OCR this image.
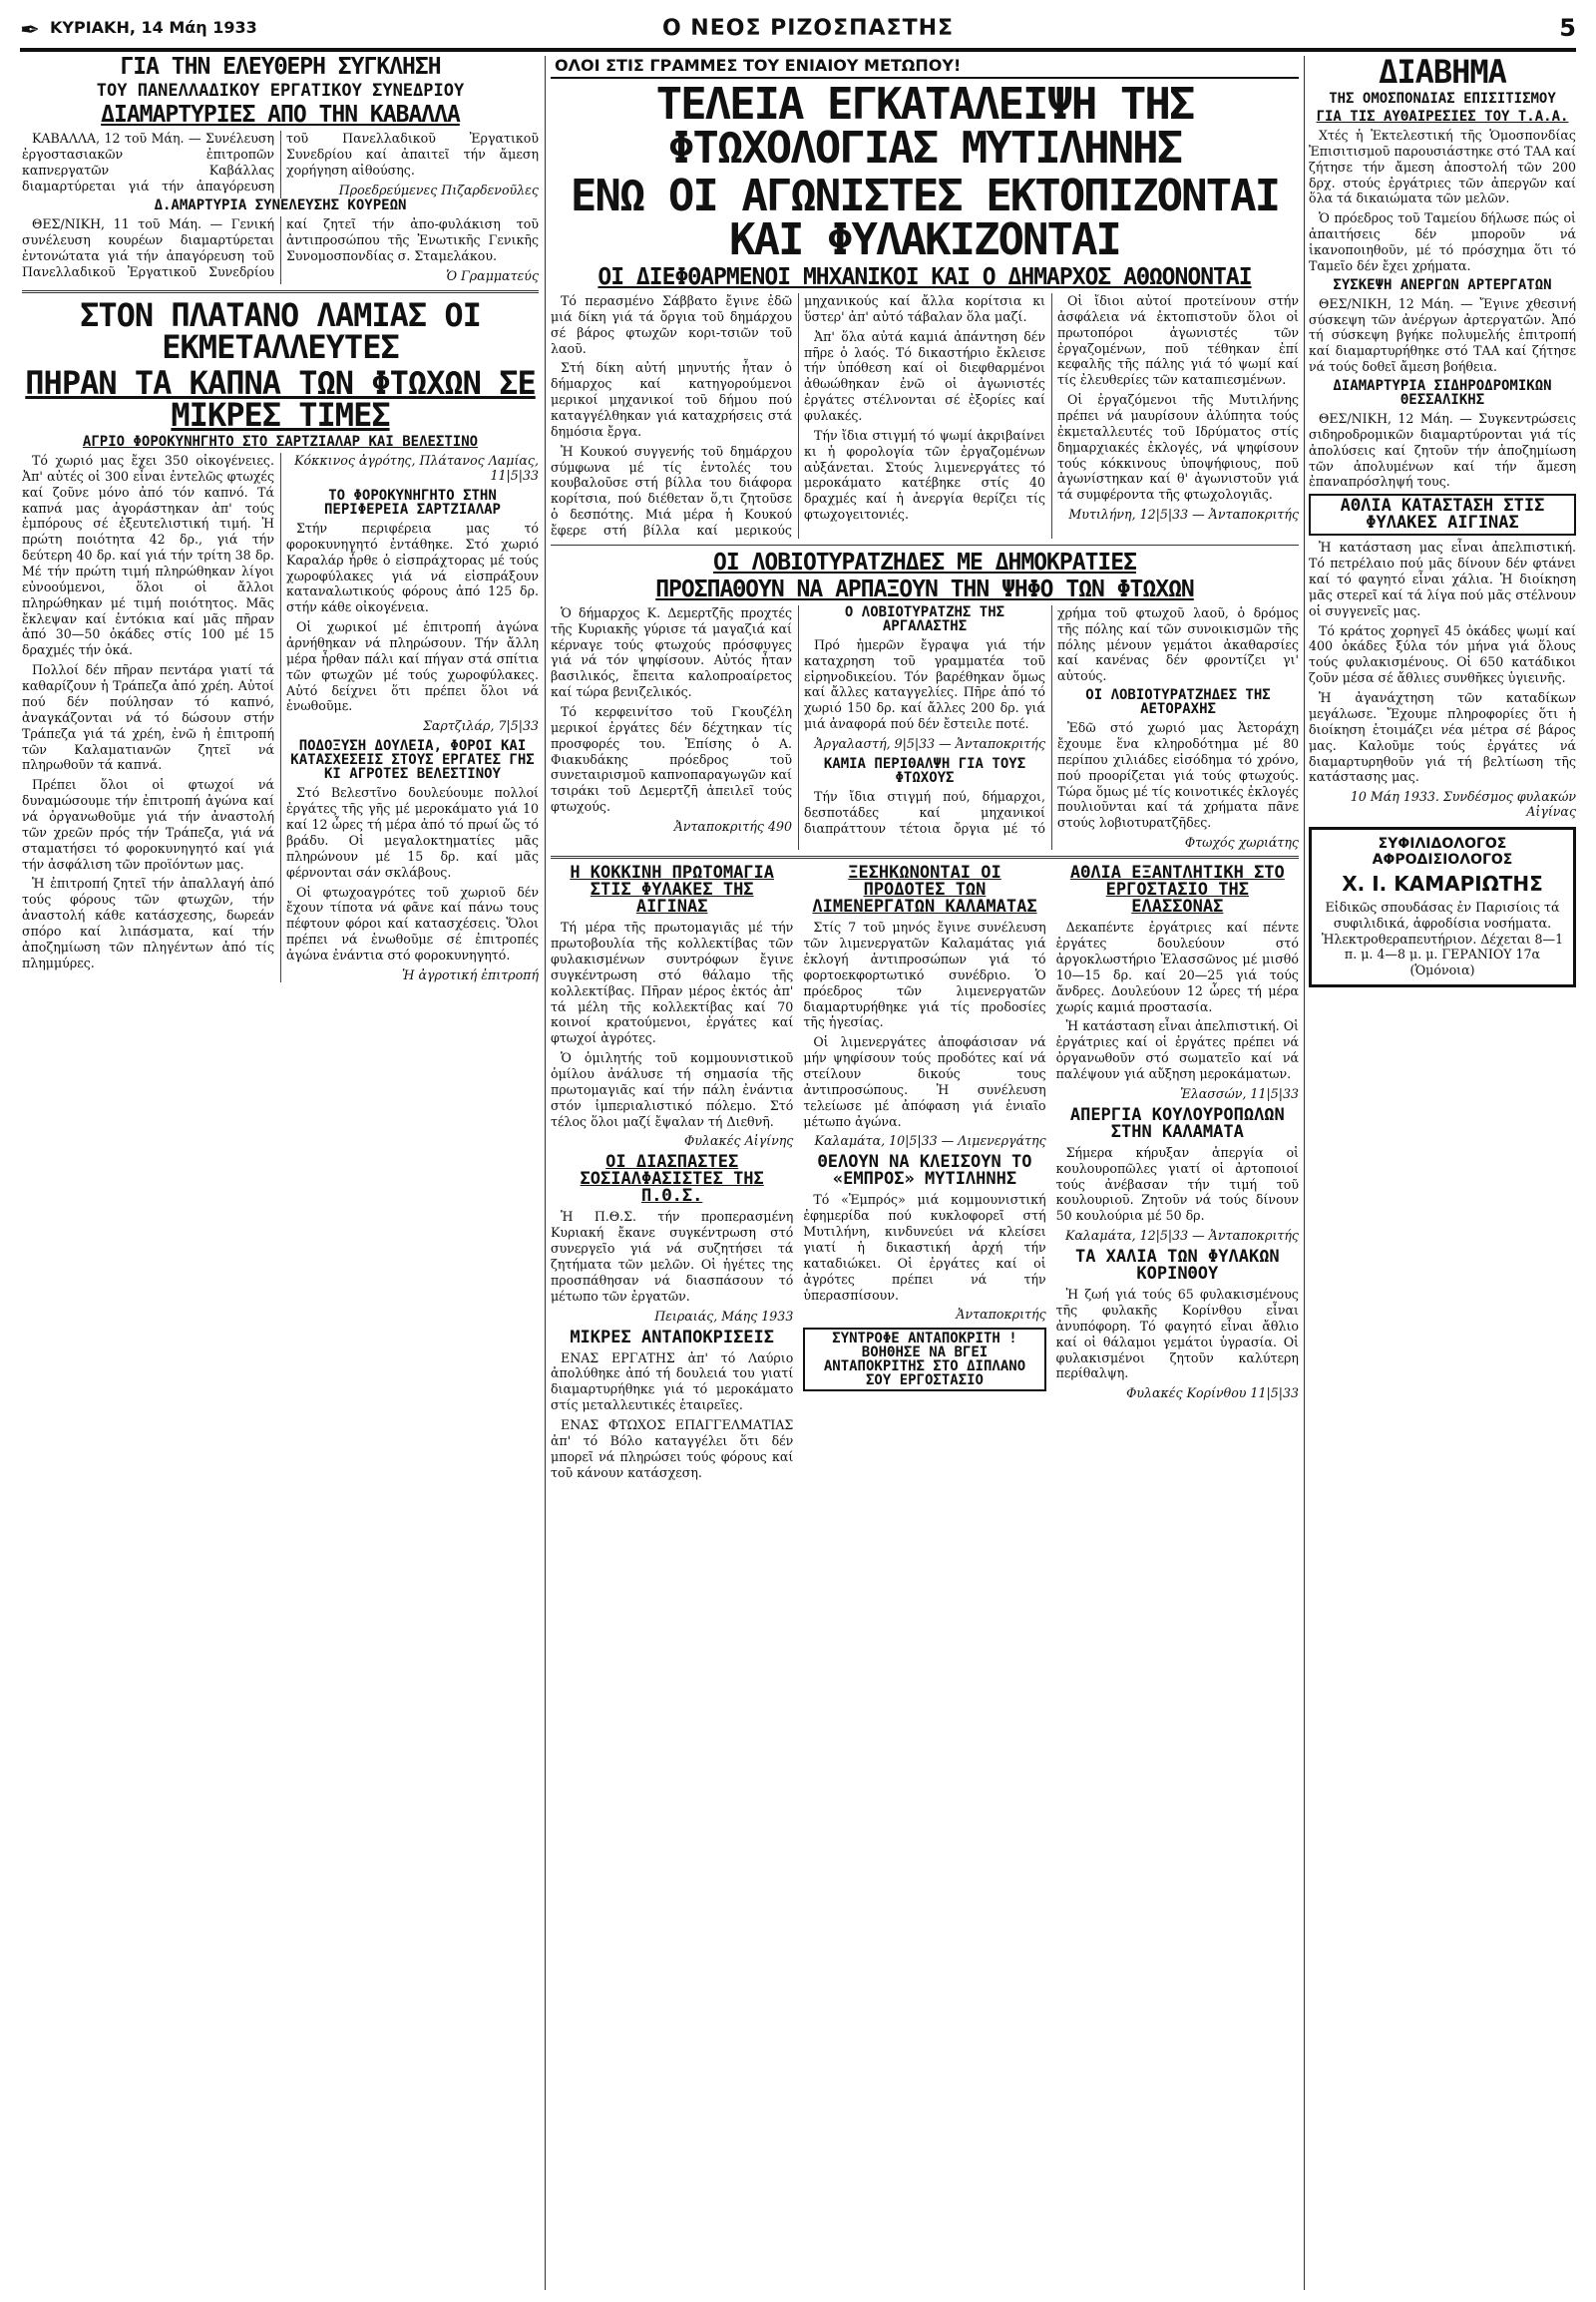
✒ ΚΥΡΙΑΚΗ, 14 Μάη 1933	Ο ΝΕΟΣ ΡΙΖΟΣΠΑΣΤΗΣ	5
ΓΙΑ ΤΗΝ ΕΛΕΥΘΕΡΗ ΣΥΓΚΛΗΣΗ
ΤΟΥ ΠΑΝΕΛΛΑΔΙΚΟΥ ΕΡΓΑΤΙΚΟΥ ΣΥΝΕΔΡΙΟΥ
ΔΙΑΜΑΡΤΥΡΙΕΣ ΑΠΟ ΤΗΝ ΚΑΒΑΛΛΑ

ΚΑΒΑΛΛΑ, 12 τοῦ Μάη. — Συνέλευση ἐργοστασιακῶν ἐπιτροπῶν καπνεργατῶν Καβάλλας διαμαρτύρεται γιά τήν ἀπαγόρευση τοῦ Πανελλαδικοῦ Ἐργατικοῦ Συνεδρίου καί ἀπαιτεῖ τήν ἄμεση χορήγηση αἰθούσης.

Προεδρεύμενες Πιζαρδενοῦλες

Δ.ΑΜΑΡΤΥΡΙΑ ΣΥΝΕΛΕΥΣΗΣ ΚΟΥΡΕΩΝ

ΘΕΣ/ΝΙΚΗ, 11 τοῦ Μάη. — Γενική συνέλευση κουρέων διαμαρτύρεται ἐντονώτατα γιά τήν ἀπαγόρευση τοῦ Πανελλαδικοῦ Ἐργατικοῦ Συνεδρίου καί ζητεῖ τήν ἀπο-φυλάκιση τοῦ ἀντιπροσώπου τῆς Ἐνωτικῆς Γενικῆς Συνομοσπονδίας σ. Σταμελάκου.

Ὁ Γραμματεύς

ΣΤΟΝ ΠΛΑΤΑΝΟ ΛΑΜΙΑΣ ΟΙ ΕΚΜΕΤΑΛΛΕΥΤΕΣ
ΠΗΡΑΝ ΤΑ ΚΑΠΝΑ ΤΩΝ ΦΤΩΧΩΝ ΣΕ ΜΙΚΡΕΣ ΤΙΜΕΣ
ΑΓΡΙΟ ΦΟΡΟΚΥΝΗΓΗΤΟ ΣΤΟ ΣΑΡΤΖΙΑΛΑΡ ΚΑΙ ΒΕΛΕΣΤΙΝΟ

Τό χωριό μας ἔχει 350 οἰκογένειες. Ἀπ' αὐτές οἱ 300 εἶναι ἐντελῶς φτωχές καί ζοῦνε μόνο ἀπό τόν καπνό. Τά καπνά μας ἀγοράστηκαν ἀπ' τούς ἐμπόρους σέ ἐξευτελιστική τιμή. Ἡ πρώτη ποιότητα 42 δρ., γιά τήν δεύτερη 40 δρ. καί γιά τήν τρίτη 38 δρ. Μέ τήν πρώτη τιμή πληρώθηκαν λίγοι εὐνοούμενοι, ὅλοι οἱ ἄλλοι πληρώθηκαν μέ τιμή ποιότητος. Μᾶς ἔκλεψαν καί ἐντόκια καί μᾶς πῆραν ἀπό 30—50 ὀκάδες στίς 100 μέ 15 δραχμές τήν ὀκά.

Πολλοί δέν πῆραν πεντάρα γιατί τά καθαρίζουν ἡ Τράπεζα ἀπό χρέη. Αὐτοί πού δέν πούλησαν τό καπνό, ἀναγκάζονται νά τό δώσουν στήν Τράπεζα γιά τά χρέη, ἐνῶ ἡ ἐπιτροπή τῶν Καλαματιανῶν ζητεῖ νά πληρωθοῦν τά καπνά.

Πρέπει ὅλοι οἱ φτωχοί νά δυναμώσουμε τήν ἐπιτροπή ἀγώνα καί νά ὀργανωθοῦμε γιά τήν ἀναστολή τῶν χρεῶν πρός τήν Τράπεζα, γιά νά σταματήσει τό φοροκυνηγητό καί γιά τήν ἀσφάλιση τῶν προϊόντων μας.

Ἡ ἐπιτροπή ζητεῖ τήν ἀπαλλαγή ἀπό τούς φόρους τῶν φτωχῶν, τήν ἀναστολή κάθε κατάσχεσης, δωρεάν σπόρο καί λιπάσματα, καί τήν ἀποζημίωση τῶν πληγέντων ἀπό τίς πλημμύρες.

Κόκκινος ἀγρότης, Πλάτανος Λαμίας, 11|5|33

ΤΟ ΦΟΡΟΚΥΝΗΓΗΤΟ ΣΤΗΝ ΠΕΡΙΦΕΡΕΙΑ ΣΑΡΤΖΙΑΛΑΡ

Στήν περιφέρεια μας τό φοροκυνηγητό ἐντάθηκε. Στό χωριό Καραλάρ ἦρθε ὁ εἰσπράχτορας μέ τούς χωροφύλακες γιά νά εἰσπράξουν καταναλωτικούς φόρους ἀπό 125 δρ. στήν κάθε οἰκογένεια.

Οἱ χωρικοί μέ ἐπιτροπή ἀγώνα ἀρνήθηκαν νά πληρώσουν. Τήν ἄλλη μέρα ἦρθαν πάλι καί πήγαν στά σπίτια τῶν φτωχῶν μέ τούς χωροφύλακες. Αὐτό δείχνει ὅτι πρέπει ὅλοι νά ἑνωθοῦμε.

Σαρτζιλάρ, 7|5|33

ΠΟΔΟΞΥΣΗ ΔΟΥΛΕΙΑ, ΦΟΡΟΙ ΚΑΙ ΚΑΤΑΣΧΕΣΕΙΣ ΣΤΟΥΣ ΕΡΓΑΤΕΣ ΓΗΣ ΚΙ ΑΓΡΟΤΕΣ ΒΕΛΕΣΤΙΝΟΥ

Στό Βελεστῖνο δουλεύουμε πολλοί ἐργάτες τῆς γῆς μέ μεροκάματο γιά 10 καί 12 ὧρες τή μέρα ἀπό τό πρωί ὥς τό βράδυ. Οἱ μεγαλοκτηματίες μᾶς πληρώνουν μέ 15 δρ. καί μᾶς φέρνονται σάν σκλάβους.

Οἱ φτωχοαγρότες τοῦ χωριοῦ δέν ἔχουν τίποτα νά φᾶνε καί πάνω τους πέφτουν φόροι καί κατασχέσεις. Ὅλοι πρέπει νά ἑνωθοῦμε σέ ἐπιτροπές ἀγώνα ἐνάντια στό φοροκυνηγητό.

Ἡ ἀγροτική ἐπιτροπή

ΟΛΟΙ ΣΤΙΣ ΓΡΑΜΜΕΣ ΤΟΥ ΕΝΙΑΙΟΥ ΜΕΤΩΠΟΥ!
ΤΕΛΕΙΑ ΕΓΚΑΤΑΛΕΙΨΗ ΤΗΣ ΦΤΩΧΟΛΟΓΙΑΣ ΜΥΤΙΛΗΝΗΣ
ΕΝΩ ΟΙ ΑΓΩΝΙΣΤΕΣ ΕΚΤΟΠΙΖΟΝΤΑΙ ΚΑΙ ΦΥΛΑΚΙΖΟΝΤΑΙ
ΟΙ ΔΙΕΦΘΑΡΜΕΝΟΙ ΜΗΧΑΝΙΚΟΙ ΚΑΙ Ο ΔΗΜΑΡΧΟΣ ΑΘΩΟΝΟΝΤΑΙ

Τό περασμένο Σάββατο ἔγινε ἐδῶ μιά δίκη γιά τά ὄργια τοῦ δημάρχου σέ βάρος φτωχῶν κορι-τσιῶν τοῦ λαοῦ.

Στή δίκη αὐτή μηνυτής ἦταν ὁ δήμαρχος καί κατηγορούμενοι μερικοί μηχανικοί τοῦ δήμου πού καταγγέλθηκαν γιά καταχρήσεις στά δημόσια ἔργα.

Ἡ Κουκού συγγενής τοῦ δημάρχου σύμφωνα μέ τίς ἐντολές του κουβαλοῦσε στή βίλλα του διάφορα κορίτσια, πού διέθεταν ὅ,τι ζητοῦσε ὁ δεσπότης. Μιά μέρα ἡ Κουκού ἔφερε στή βίλλα καί μερικούς μηχανικούς καί ἄλλα κορίτσια κι ὕστερ' ἀπ' αὐτό τάβαλαν ὅλα μαζί.

Ἀπ' ὅλα αὐτά καμιά ἀπάντηση δέν πῆρε ὁ λαός. Τό δικαστήριο ἔκλεισε τήν ὑπόθεση καί οἱ διεφθαρμένοι ἀθωώθηκαν ἐνῶ οἱ ἀγωνιστές ἐργάτες στέλνονται σέ ἐξορίες καί φυλακές.

Τήν ἴδια στιγμή τό ψωμί ἀκριβαίνει κι ἡ φορολογία τῶν ἐργαζομένων αὐξάνεται. Στούς λιμενεργάτες τό μεροκάματο κατέβηκε στίς 40 δραχμές καί ἡ ἀνεργία θερίζει τίς φτωχογειτονιές.

Οἱ ἴδιοι αὐτοί προτείνουν στήν ἀσφάλεια νά ἐκτοπιστοῦν ὅλοι οἱ πρωτοπόροι ἀγωνιστές τῶν ἐργαζομένων, ποῦ τέθηκαν ἐπί κεφαλῆς τῆς πάλης γιά τό ψωμί καί τίς ἐλευθερίες τῶν καταπιεσμένων.

Οἱ ἐργαζόμενοι τῆς Μυτιλήνης πρέπει νά μαυρίσουν ἀλύπητα τούς ἐκμεταλλευτές τοῦ Ιδρύματος στίς δημαρχιακές ἐκλογές, νά ψηφίσουν τούς κόκκινους ὑποψήφιους, ποῦ ἀγωνίστηκαν καί θ' ἀγωνιστοῦν γιά τά συμφέροντα τῆς φτωχολογιᾶς.

Μυτιλήνη, 12|5|33 — Ἀνταποκριτής

ΟΙ ΛΟΒΙΟΤΥΡΑΤΖΗΔΕΣ ΜΕ ΔΗΜΟΚΡΑΤΙΕΣ
ΠΡΟΣΠΑΘΟΥΝ ΝΑ ΑΡΠΑΞΟΥΝ ΤΗΝ ΨΗΦΟ ΤΩΝ ΦΤΩΧΩΝ

Ὁ δήμαρχος Κ. Δεμερτζῆς προχτές τῆς Κυριακῆς γύρισε τά μαγαζιά καί κέρναγε τούς φτωχούς πρόσφυγες γιά νά τόν ψηφίσουν. Αὐτός ἦταν βασιλικός, ἔπειτα καλοπροαίρετος καί τώρα βενιζελικός.

Τό κερφεινίτσο τοῦ Γκουζέλη μερικοί ἐργάτες δέν δέχτηκαν τίς προσφορές του. Ἐπίσης ὁ Α. Φιακυδάκης πρόεδρος τοῦ συνεταιρισμοῦ καπνοπαραγωγῶν καί τσιράκι τοῦ Δεμερτζῆ ἀπειλεῖ τούς φτωχούς.

Ἀνταποκριτής 490

Ο ΛΟΒΙΟΤΥΡΑΤΖΗΣ ΤΗΣ ΑΡΓΑΛΑΣΤΗΣ

Πρό ἡμερῶν ἔγραψα γιά τήν καταχρηση τοῦ γραμματέα τοῦ εἰρηνοδικείου. Τόν βαρέθηκαν ὅμως καί ἄλλες καταγγελίες. Πῆρε ἀπό τό χωριό 150 δρ. καί ἄλλες 200 δρ. γιά μιά ἀναφορά πού δέν ἔστειλε ποτέ.

Ἀργαλαστή, 9|5|33 — Ἀνταποκριτής

ΚΑΜΙΑ ΠΕΡΙΘΑΛΨΗ ΓΙΑ ΤΟΥΣ ΦΤΩΧΟΥΣ

Τήν ἴδια στιγμή πού, δήμαρχοι, δεσποτάδες καί μηχανικοί διαπράττουν τέτοια ὄργια μέ τό χρήμα τοῦ φτωχοῦ λαοῦ, ὁ δρόμος τῆς πόλης καί τῶν συνοικισμῶν τῆς πόλης μένουν γεμάτοι ἀκαθαρσίες καί κανένας δέν φροντίζει γι' αὐτούς.

ΟΙ ΛΟΒΙΟΤΥΡΑΤΖΗΔΕΣ ΤΗΣ ΑΕΤΟΡΑΧΗΣ

Ἐδῶ στό χωριό μας Ἀετοράχη ἔχουμε ἕνα κληροδότημα μέ 80 περίπου χιλιάδες εἰσόδημα τό χρόνο, πού προορίζεται γιά τούς φτωχούς. Τώρα ὅμως μέ τίς κοινοτικές ἐκλογές πουλιοῦνται καί τά χρήματα πᾶνε στούς λοβιοτυρατζῆδες.

Φτωχός χωριάτης

Η ΚΟΚΚΙΝΗ ΠΡΩΤΟΜΑΓΙΑ ΣΤΙΣ ΦΥΛΑΚΕΣ ΤΗΣ ΑΙΓΙΝΑΣ

Τή μέρα τῆς πρωτομαγιᾶς μέ τήν πρωτοβουλία τῆς κολλεκτίβας τῶν φυλακισμένων συντρόφων ἔγινε συγκέντρωση στό θάλαμο τῆς κολλεκτίβας. Πῆραν μέρος ἐκτός ἀπ' τά μέλη τῆς κολλεκτίβας καί 70 κοινοί κρατούμενοι, ἐργάτες καί φτωχοί ἀγρότες.

Ὁ ὁμιλητής τοῦ κομμουνιστικοῦ ὀμίλου ἀνάλυσε τή σημασία τῆς πρωτομαγιᾶς καί τήν πάλη ἐνάντια στόν ἰμπεριαλιστικό πόλεμο. Στό τέλος ὅλοι μαζί ἔψαλαν τή Διεθνῆ.

Φυλακές Αἰγίνης

ΟΙ ΔΙΑΣΠΑΣΤΕΣ ΣΟΣΙΑΛΦΑΣΙΣΤΕΣ ΤΗΣ Π.Θ.Σ.

Ἡ Π.Θ.Σ. τήν προπερασμένη Κυριακή ἔκανε συγκέντρωση στό συνεργεῖο γιά νά συζητήσει τά ζητήματα τῶν μελῶν. Οἱ ἡγέτες της προσπάθησαν νά διασπάσουν τό μέτωπο τῶν ἐργατῶν.

Πειραιάς, Μάης 1933

ΜΙΚΡΕΣ ΑΝΤΑΠΟΚΡΙΣΕΙΣ

ΕΝΑΣ ΕΡΓΑΤΗΣ ἀπ' τό Λαύριο ἀπολύθηκε ἀπό τή δουλειά του γιατί διαμαρτυρήθηκε γιά τό μεροκάματο στίς μεταλλευτικές ἑταιρεῖες.

ΕΝΑΣ ΦΤΩΧΟΣ ΕΠΑΓΓΕΛΜΑΤΙΑΣ ἀπ' τό Βόλο καταγγέλει ὅτι δέν μπορεῖ νά πληρώσει τούς φόρους καί τοῦ κάνουν κατάσχεση.

ΞΕΣΗΚΩΝΟΝΤΑΙ ΟΙ ΠΡΟΔΟΤΕΣ ΤΩΝ ΛΙΜΕΝΕΡΓΑΤΩΝ ΚΑΛΑΜΑΤΑΣ

Στίς 7 τοῦ μηνός ἔγινε συνέλευση τῶν λιμενεργατῶν Καλαμάτας γιά ἐκλογή ἀντιπροσώπων γιά τό φορτοεκφορτωτικό συνέδριο. Ὁ πρόεδρος τῶν λιμενεργατῶν διαμαρτυρήθηκε γιά τίς προδοσίες τῆς ἡγεσίας.

Οἱ λιμενεργάτες ἀποφάσισαν νά μήν ψηφίσουν τούς προδότες καί νά στείλουν δικούς τους ἀντιπροσώπους. Ἡ συνέλευση τελείωσε μέ ἀπόφαση γιά ἑνιαῖο μέτωπο ἀγώνα.

Καλαμάτα, 10|5|33 — Λιμενεργάτης

ΘΕΛΟΥΝ ΝΑ ΚΛΕΙΣΟΥΝ ΤΟ «ΕΜΠΡΟΣ» ΜΥΤΙΛΗΝΗΣ

Τό «Ἐμπρός» μιά κομμουνιστική ἐφημερίδα πού κυκλοφορεῖ στή Μυτιλήνη, κινδυνεύει νά κλείσει γιατί ἡ δικαστική ἀρχή τήν καταδιώκει. Οἱ ἐργάτες καί οἱ ἀγρότες πρέπει νά τήν ὑπερασπίσουν.

Ἀνταποκριτής

ΣΥΝΤΡΟΦΕ ΑΝΤΑΠΟΚΡΙΤΗ ! ΒΟΗΘΗΣΕ ΝΑ ΒΓΕΙ ΑΝΤΑΠΟΚΡΙΤΗΣ ΣΤΟ ΔΙΠΛΑΝΟ ΣΟΥ ΕΡΓΟΣΤΑΣΙΟ
ΑΘΛΙΑ ΕΞΑΝΤΛΗΤΙΚΗ ΣΤΟ ΕΡΓΟΣΤΑΣΙΟ ΤΗΣ ΕΛΑΣΣΟΝΑΣ

Δεκαπέντε ἐργάτριες καί πέντε ἐργάτες δουλεύουν στό ἀργοκλωστήριο Ἐλασσῶνος μέ μισθό 10—15 δρ. καί 20—25 γιά τούς ἄνδρες. Δουλεύουν 12 ὧρες τή μέρα χωρίς καμιά προστασία.

Ἡ κατάσταση εἶναι ἀπελπιστική. Οἱ ἐργάτριες καί οἱ ἐργάτες πρέπει νά ὀργανωθοῦν στό σωματεῖο καί νά παλέψουν γιά αὔξηση μεροκάματων.

Ἐλασσών, 11|5|33

ΑΠΕΡΓΙΑ ΚΟΥΛΟΥΡΟΠΩΛΩΝ ΣΤΗΝ ΚΑΛΑΜΑΤΑ

Σήμερα κήρυξαν ἀπεργία οἱ κουλουροπῶλες γιατί οἱ ἀρτοποιοί τούς ἀνέβασαν τήν τιμή τοῦ κουλουριοῦ. Ζητοῦν νά τούς δίνουν 50 κουλούρια μέ 50 δρ.

Καλαμάτα, 12|5|33 — Ἀνταποκριτής

ΤΑ ΧΑΛΙΑ ΤΩΝ ΦΥΛΑΚΩΝ ΚΟΡΙΝΘΟΥ

Ἡ ζωή γιά τούς 65 φυλακισμένους τῆς φυλακῆς Κορίνθου εἶναι ἀνυπόφορη. Τό φαγητό εἶναι ἄθλιο καί οἱ θάλαμοι γεμάτοι ὑγρασία. Οἱ φυλακισμένοι ζητοῦν καλύτερη περίθαλψη.

Φυλακές Κορίνθου 11|5|33

ΔΙΑΒΗΜΑ
ΤΗΣ ΟΜΟΣΠΟΝΔΙΑΣ ΕΠΙΣΙΤΙΣΜΟΥ
ΓΙΑ ΤΙΣ ΑΥΘΑΙΡΕΣΙΕΣ ΤΟΥ Τ.Α.Α.

Χτές ἡ Ἐκτελεστική τῆς Ὁμοσπονδίας Ἐπισιτισμοῦ παρουσιάστηκε στό ΤΑΑ καί ζήτησε τήν ἄμεση ἀποστολή τῶν 200 δρχ. στούς ἐργάτριες τῶν ἀπεργῶν καί ὅλα τά δικαιώματα τῶν μελῶν.

Ὁ πρόεδρος τοῦ Ταμείου δήλωσε πώς οἱ ἀπαιτήσεις δέν μποροῦν νά ἱκανοποιηθοῦν, μέ τό πρόσχημα ὅτι τό Ταμεῖο δέν ἔχει χρήματα.

ΣΥΣΚΕΨΗ ΑΝΕΡΓΩΝ ΑΡΤΕΡΓΑΤΩΝ

ΘΕΣ/ΝΙΚΗ, 12 Μάη. — Ἔγινε χθεσινή σύσκεψη τῶν ἀνέργων ἀρτεργατῶν. Ἀπό τή σύσκεψη βγήκε πολυμελής ἐπιτροπή καί διαμαρτυρήθηκε στό ΤΑΑ καί ζήτησε νά τούς δοθεῖ ἄμεση βοήθεια.

ΔΙΑΜΑΡΤΥΡΙΑ ΣΙΔΗΡΟΔΡΟΜΙΚΩΝ ΘΕΣΣΑΛΙΚΗΣ

ΘΕΣ/ΝΙΚΗ, 12 Μάη. — Συγκεντρώσεις σιδηροδρομικῶν διαμαρτύρονται γιά τίς ἀπολύσεις καί ζητοῦν τήν ἀποζημίωση τῶν ἀπολυμένων καί τήν ἄμεση ἐπαναπρόσληψή τους.

ΑΘΛΙΑ ΚΑΤΑΣΤΑΣΗ ΣΤΙΣ ΦΥΛΑΚΕΣ ΑΙΓΙΝΑΣ

Ἡ κατάσταση μας εἶναι ἀπελπιστική. Τό πετρέλαιο πού μᾶς δίνουν δέν φτάνει καί τό φαγητό εἶναι χάλια. Ἡ διοίκηση μᾶς στερεῖ καί τά λίγα πού μᾶς στέλνουν οἱ συγγενεῖς μας.

Τό κράτος χορηγεῖ 45 ὀκάδες ψωμί καί 400 ὀκάδες ξύλα τόν μήνα γιά ὅλους τούς φυλακισμένους. Οἱ 650 κατάδικοι ζοῦν μέσα σέ ἄθλιες συνθῆκες ὑγιεινῆς.

Ἡ ἀγανάχτηση τῶν καταδίκων μεγάλωσε. Ἔχουμε πληροφορίες ὅτι ἡ διοίκηση ἑτοιμάζει νέα μέτρα σέ βάρος μας. Καλοῦμε τούς ἐργάτες νά διαμαρτυρηθοῦν γιά τή βελτίωση τῆς κατάστασης μας.

10 Μάη 1933. Συνδέσμος φυλακών Αἰγίνας

ΣΥΦΙΛΙΔΟΛΟΓΟΣ ΑΦΡΟΔΙΣΙΟΛΟΓΟΣ
Χ. Ι. ΚΑΜΑΡΙΩΤΗΣ
Εἰδικῶς σπουδάσας ἐν Παρισίοις τά συφιλιδικά, ἀφροδίσια νοσήματα. Ἠλεκτροθεραπευτήριον. Δέχεται 8—1 π. μ. 4—8 μ. μ. ΓΕΡΑΝΙΟΥ 17α (Ὁμόνοια)
